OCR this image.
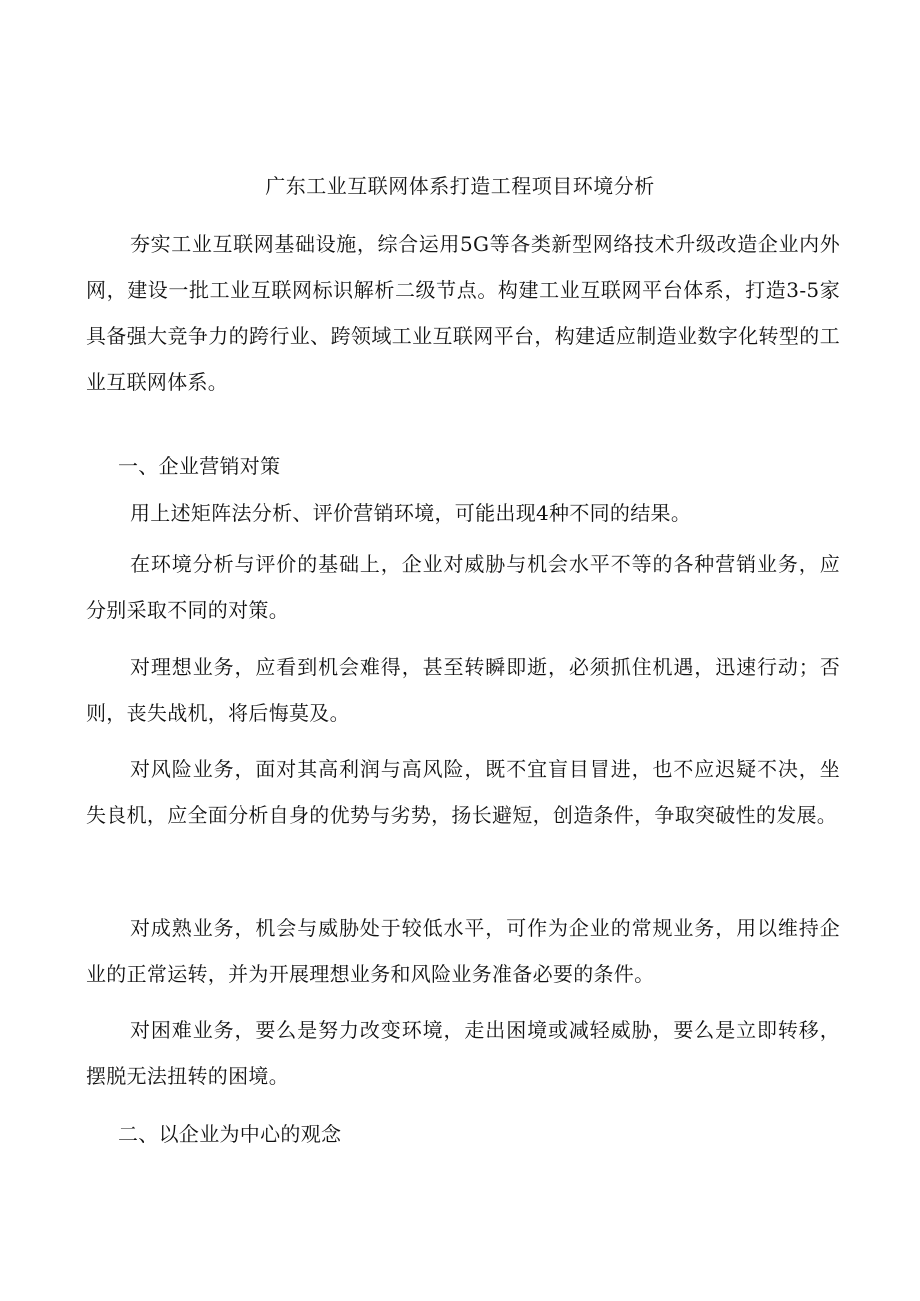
广东工业互联网体系打造工程项目环境分析

夯实工业互联网基础设施，综合运用5G等各类新型网络技术升级改造企业内外网，建设一批工业互联网标识解析二级节点。构建工业互联网平台体系，打造3-5家具备强大竞争力的跨行业、跨领域工业互联网平台，构建适应制造业数字化转型的工业互联网体系。

一、企业营销对策

用上述矩阵法分析、评价营销环境，可能出现4种不同的结果。

在环境分析与评价的基础上，企业对威胁与机会水平不等的各种营销业务，应分别采取不同的对策。

对理想业务，应看到机会难得，甚至转瞬即逝，必须抓住机遇，迅速行动；否则，丧失战机，将后悔莫及。

对风险业务，面对其高利润与高风险，既不宜盲目冒进，也不应迟疑不决，坐失良机，应全面分析自身的优势与劣势，扬长避短，创造条件，争取突破性的发展。

对成熟业务，机会与威胁处于较低水平，可作为企业的常规业务，用以维持企业的正常运转，并为开展理想业务和风险业务准备必要的条件。

对困难业务，要么是努力改变环境，走出困境或减轻威胁，要么是立即转移，摆脱无法扭转的困境。

二、以企业为中心的观念
